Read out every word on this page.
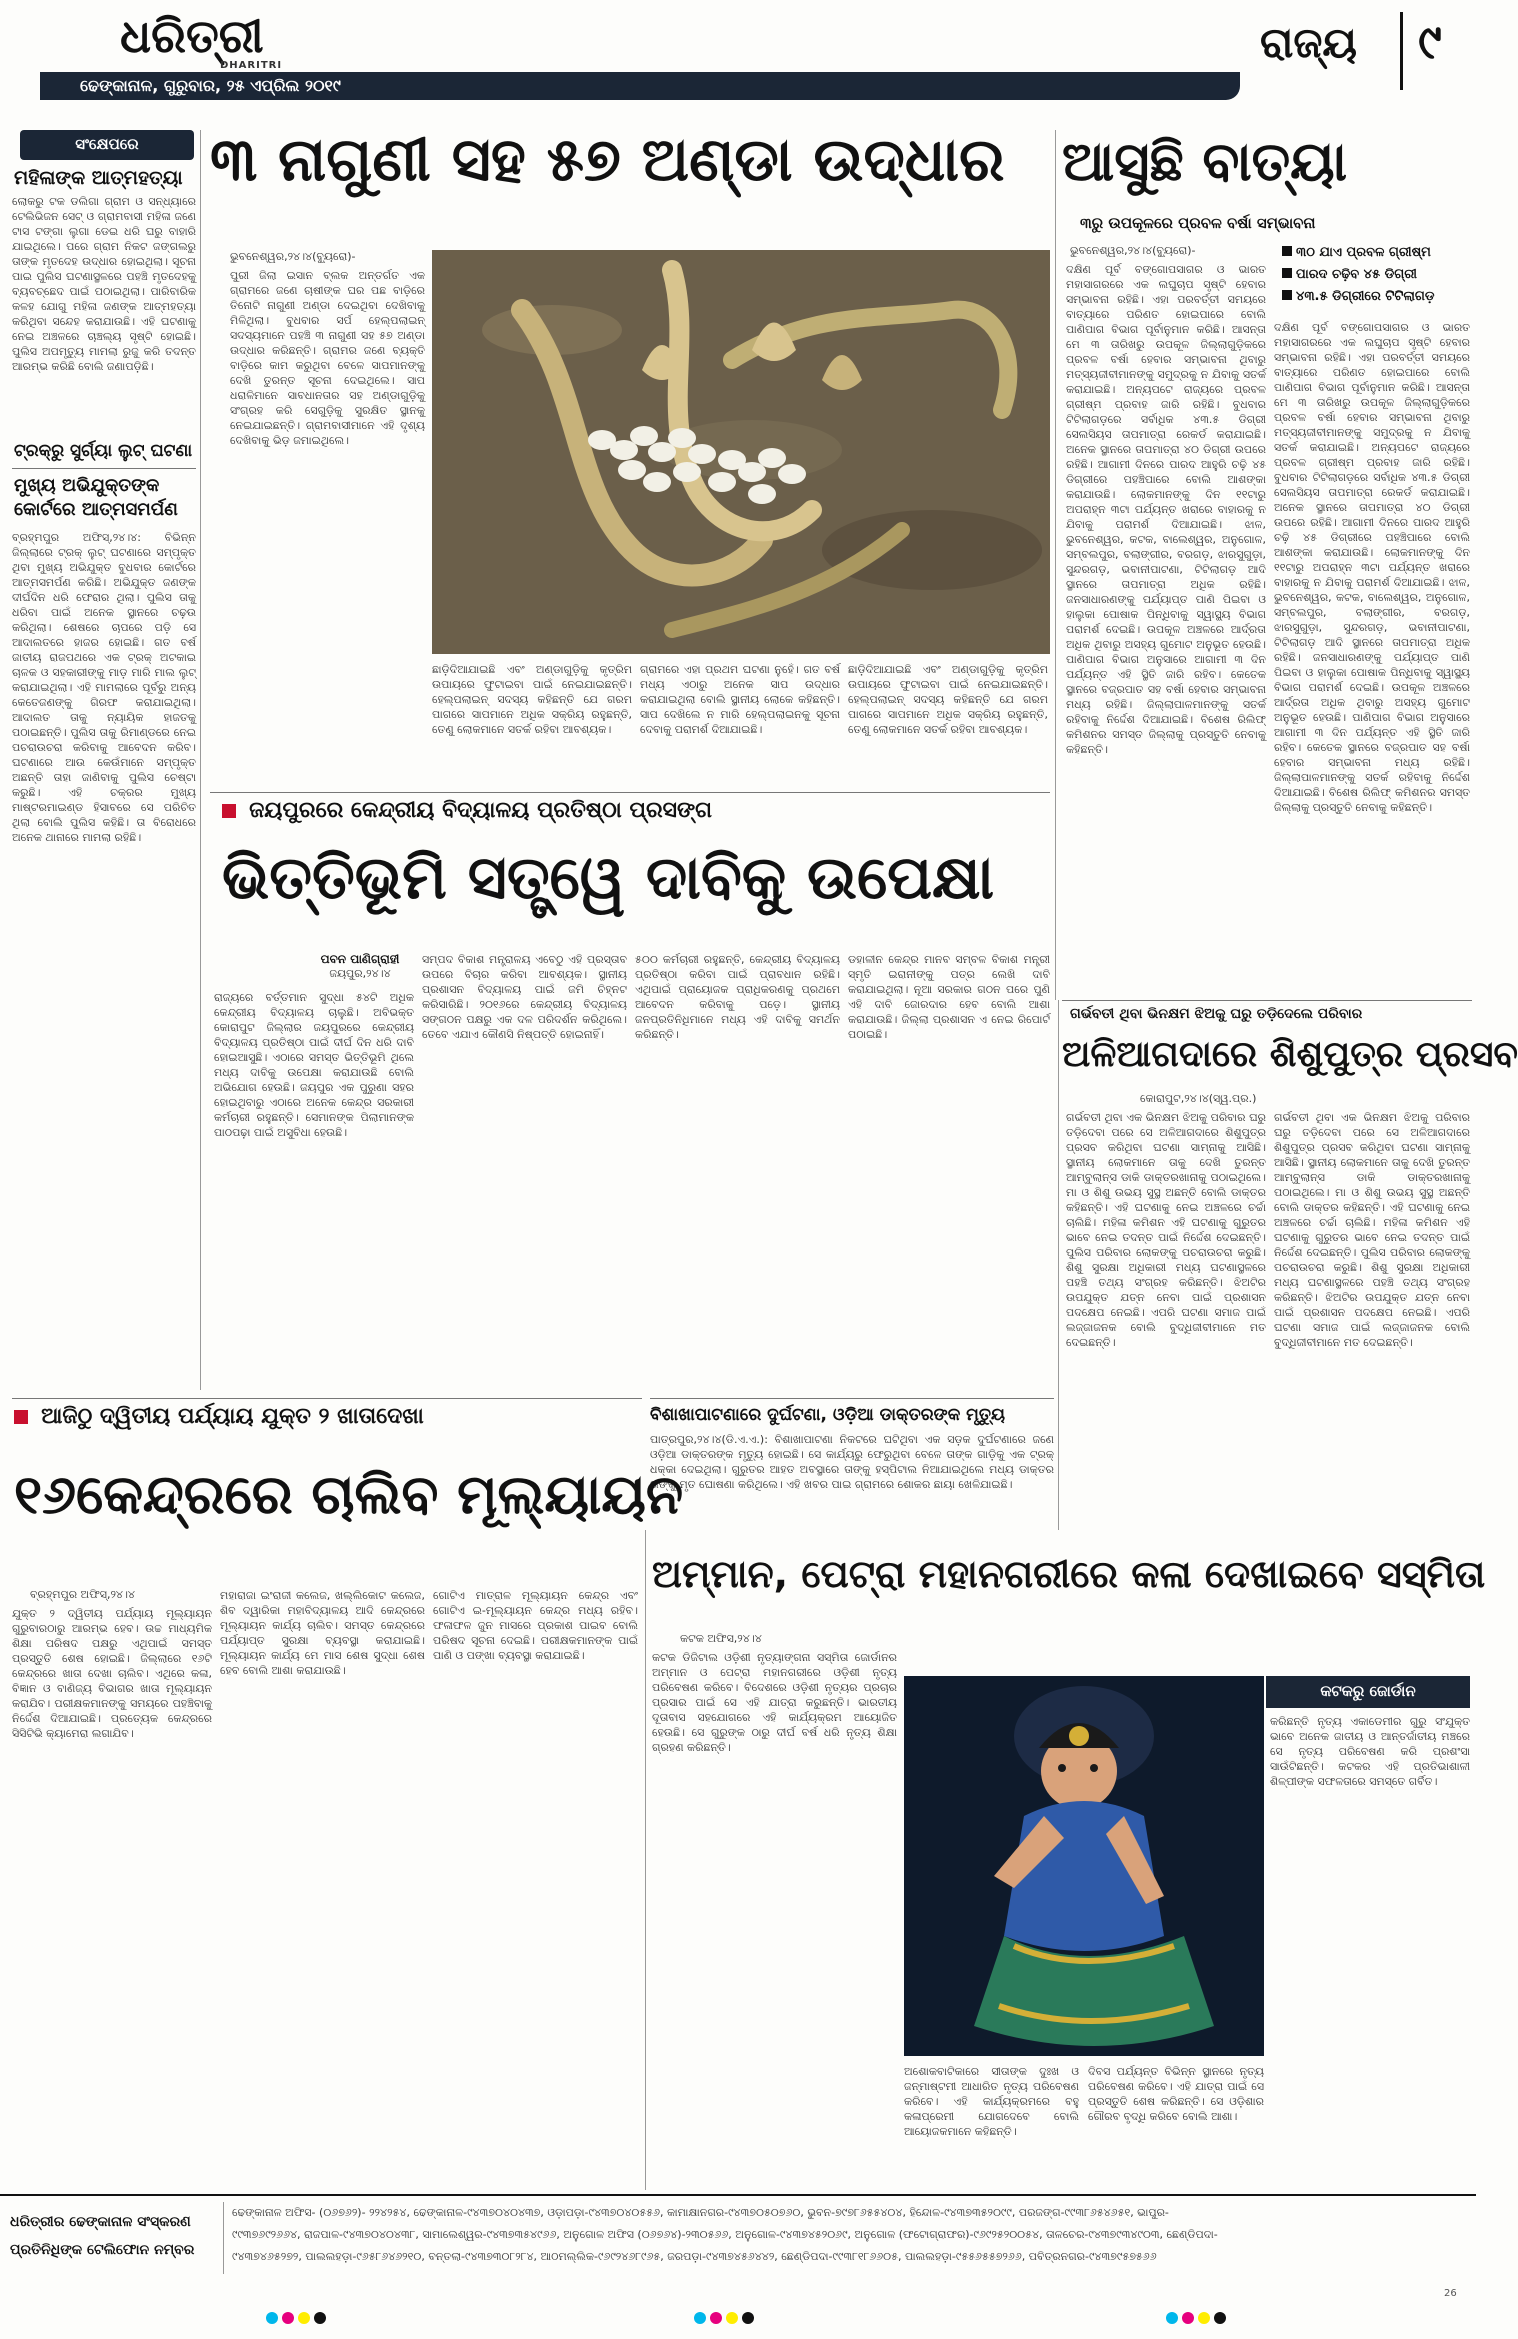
ଧରିତ୍ରୀ
DHARITRI
ଢେଙ୍କାନାଳ, ଗୁରୁବାର, ୨୫ ଏପ୍ରିଲ ୨୦୧୯
ରାଜ୍ୟ ୯
ସଂକ୍ଷେପରେ
ମହିଳାଙ୍କ ଆତ୍ମହତ୍ୟା
ଲୋକରୁ ଟକ ଡଲିଗା ଗ୍ରାମ ଓ ସନ୍ଧ୍ୟାରେ ଟେଲିଭିଜନ ସେଟ୍ ଓ ଗ୍ରାମବାସୀ ମହିଳା ଜଣେ ଟାସ ଟଙ୍ଗା ଲୁଗା ଡେଇ ଧରି ଘରୁ ବାହାରି ଯାଇଥିଲେ। ପରେ ଗ୍ରାମ ନିକଟ ଜଙ୍ଗଲରୁ ତାଙ୍କ ମୃତଦେହ ଉଦ୍ଧାର ହୋଇଥିଲା। ସୂଚନା ପାଇ ପୁଲିସ ଘଟଣାସ୍ଥଳରେ ପହଞ୍ଚି ମୃତଦେହକୁ ବ୍ୟବଚ୍ଛେଦ ପାଇଁ ପଠାଇଥିଲା। ପାରିବାରିକ କଳହ ଯୋଗୁ ମହିଳା ଜଣଙ୍କ ଆତ୍ମହତ୍ୟା କରିଥିବା ସନ୍ଦେହ କରାଯାଉଛି। ଏହି ଘଟଣାକୁ ନେଇ ଅଞ୍ଚଳରେ ଚାଞ୍ଚଲ୍ୟ ସୃଷ୍ଟି ହୋଇଛି। ପୁଲିସ ଅପମୃତ୍ୟୁ ମାମଲା ରୁଜୁ କରି ତଦନ୍ତ ଆରମ୍ଭ କରିଛି ବୋଲି ଜଣାପଡ଼ିଛି।
ଟ୍ରକ୍‌ରୁ ସୁର୍ଗ୍ୟା ଲୁଟ୍ ଘଟଣା
ମୁଖ୍ୟ ଅଭିଯୁକ୍ତଙ୍କ କୋର୍ଟରେ ଆତ୍ମସମର୍ପଣ
ବ୍ରହ୍ମପୁର ଅଫିସ୍,୨୪।୪: ବିଭିନ୍ନ ଜିଲ୍ଲାରେ ଟ୍ରକ୍ ଲୁଟ୍ ଘଟଣାରେ ସମ୍ପୃକ୍ତ ଥିବା ମୁଖ୍ୟ ଅଭିଯୁକ୍ତ ବୁଧବାର କୋର୍ଟରେ ଆତ୍ମସମର୍ପଣ କରିଛି। ଅଭିଯୁକ୍ତ ଜଣଙ୍କ ଦୀର୍ଘଦିନ ଧରି ଫେରାର ଥିଲା। ପୁଲିସ ତାକୁ ଧରିବା ପାଇଁ ଅନେକ ସ୍ଥାନରେ ଚଢ଼ଉ କରିଥିଲା। ଶେଷରେ ଚାପରେ ପଡ଼ି ସେ ଆଦାଲତରେ ହାଜର ହୋଇଛି। ଗତ ବର୍ଷ ଜାତୀୟ ରାଜପଥରେ ଏକ ଟ୍ରକ୍ ଅଟକାଇ ଚାଳକ ଓ ସହକାରୀଙ୍କୁ ମାଡ଼ ମାରି ମାଲ ଲୁଟ୍ କରାଯାଇଥିଲା। ଏହି ମାମଲାରେ ପୂର୍ବରୁ ଅନ୍ୟ କେତେଜଣଙ୍କୁ ଗିରଫ କରାଯାଇଥିଲା। ଆଦାଲତ ତାକୁ ନ୍ୟାୟିକ ହାଜତକୁ ପଠାଇଛନ୍ତି। ପୁଲିସ ତାକୁ ରିମାଣ୍ଡରେ ନେଇ ପଚରାଉଚରା କରିବାକୁ ଆବେଦନ କରିବ। ଘଟଣାରେ ଆଉ କେଉଁମାନେ ସମ୍ପୃକ୍ତ ଅଛନ୍ତି ତାହା ଜାଣିବାକୁ ପୁଲିସ ଚେଷ୍ଟା କରୁଛି। ଏହି ଚକ୍ରର ମୁଖ୍ୟ ମାଷ୍ଟରମାଇଣ୍ଡ ହିସାବରେ ସେ ପରିଚିତ ଥିଲା ବୋଲି ପୁଲିସ କହିଛି। ତା ବିରୋଧରେ ଅନେକ ଥାନାରେ ମାମଲା ରହିଛି।
୩ ନାଗୁଣୀ ସହ ୫୭ ଅଣ୍ଡା ଉଦ୍ଧାର
ଭୁବନେଶ୍ୱର,୨୪।୪(ବ୍ୟୁରୋ)-
ପୁରୀ ଜିଲା ଇସାନ ବ୍ଲକ ଅନ୍ତର୍ଗତ ଏକ ଗ୍ରାମରେ ଜଣେ ଚାଷୀଙ୍କ ଘର ପଛ ବାଡ଼ିରେ ତିନୋଟି ନାଗୁଣୀ ଅଣ୍ଡା ଦେଇଥିବା ଦେଖିବାକୁ ମିଳିଥିଲା। ବୁଧବାର ସର୍ପ ହେଲ୍ପଲାଇନ୍ ସଦସ୍ୟମାନେ ପହଞ୍ଚି ୩ ନାଗୁଣୀ ସହ ୫୭ ଅଣ୍ଡା ଉଦ୍ଧାର କରିଛନ୍ତି। ଗ୍ରାମର ଜଣେ ବ୍ୟକ୍ତି ବାଡ଼ିରେ କାମ କରୁଥିବା ବେଳେ ସାପମାନଙ୍କୁ ଦେଖି ତୁରନ୍ତ ସୂଚନା ଦେଇଥିଲେ। ସାପ ଧରାଳିମାନେ ସାବଧାନତାର ସହ ଅଣ୍ଡାଗୁଡ଼ିକୁ ସଂଗ୍ରହ କରି ସେଗୁଡ଼ିକୁ ସୁରକ୍ଷିତ ସ୍ଥାନକୁ ନେଇଯାଇଛନ୍ତି। ଗ୍ରାମବାସୀମାନେ ଏହି ଦୃଶ୍ୟ ଦେଖିବାକୁ ଭିଡ଼ ଜମାଇଥିଲେ।
ଛାଡ଼ିଦିଆଯାଇଛି ଏବଂ ଅଣ୍ଡାଗୁଡ଼ିକୁ କୃତ୍ରିମ ଉପାୟରେ ଫୁଟାଇବା ପାଇଁ ନେଇଯାଇଛନ୍ତି। ହେଲ୍ପଲାଇନ୍ ସଦସ୍ୟ କହିଛନ୍ତି ଯେ ଗରମ ପାଗରେ ସାପମାନେ ଅଧିକ ସକ୍ରିୟ ରହୁଛନ୍ତି, ତେଣୁ ଲୋକମାନେ ସତର୍କ ରହିବା ଆବଶ୍ୟକ।
ଗ୍ରାମରେ ଏହା ପ୍ରଥମ ଘଟଣା ନୁହେଁ। ଗତ ବର୍ଷ ମଧ୍ୟ ଏଠାରୁ ଅନେକ ସାପ ଉଦ୍ଧାର କରାଯାଇଥିଲା ବୋଲି ସ୍ଥାନୀୟ ଲୋକେ କହିଛନ୍ତି। ସାପ ଦେଖିଲେ ନ ମାରି ହେଲ୍ପଲାଇନକୁ ସୂଚନା ଦେବାକୁ ପରାମର୍ଶ ଦିଆଯାଇଛି।
ଛାଡ଼ିଦିଆଯାଇଛି ଏବଂ ଅଣ୍ଡାଗୁଡ଼ିକୁ କୃତ୍ରିମ ଉପାୟରେ ଫୁଟାଇବା ପାଇଁ ନେଇଯାଇଛନ୍ତି। ହେଲ୍ପଲାଇନ୍ ସଦସ୍ୟ କହିଛନ୍ତି ଯେ ଗରମ ପାଗରେ ସାପମାନେ ଅଧିକ ସକ୍ରିୟ ରହୁଛନ୍ତି, ତେଣୁ ଲୋକମାନେ ସତର୍କ ରହିବା ଆବଶ୍ୟକ।
ଆସୁଛି ବାତ୍ୟା
୩ରୁ ଉପକୂଳରେ ପ୍ରବଳ ବର୍ଷା ସମ୍ଭାବନା
୩ଠ ଯାଏ ପ୍ରବଳ ଗ୍ରୀଷ୍ମ
ପାରଦ ଚଢ଼ିବ ୪୫ ଡିଗ୍ରୀ
୪୩.୫ ଡିଗ୍ରୀରେ ଟିଟିଲାଗଡ଼
ଭୁବନେଶ୍ୱର,୨୪।୪(ବ୍ୟୁରୋ)-
ଦକ୍ଷିଣ ପୂର୍ବ ବଙ୍ଗୋପସାଗର ଓ ଭାରତ ମହାସାଗରରେ ଏକ ଲଘୁଚାପ ସୃଷ୍ଟି ହେବାର ସମ୍ଭାବନା ରହିଛି। ଏହା ପରବର୍ତ୍ତୀ ସମୟରେ ବାତ୍ୟାରେ ପରିଣତ ହୋଇପାରେ ବୋଲି ପାଣିପାଗ ବିଭାଗ ପୂର୍ବାନୁମାନ କରିଛି। ଆସନ୍ତା ମେ ୩ ତାରିଖରୁ ଉପକୂଳ ଜିଲ୍ଲାଗୁଡ଼ିକରେ ପ୍ରବଳ ବର୍ଷା ହେବାର ସମ୍ଭାବନା ଥିବାରୁ ମତ୍ସ୍ୟଜୀବୀମାନଙ୍କୁ ସମୁଦ୍ରକୁ ନ ଯିବାକୁ ସତର୍କ କରାଯାଇଛି। ଅନ୍ୟପଟେ ରାଜ୍ୟରେ ପ୍ରବଳ ଗ୍ରୀଷ୍ମ ପ୍ରବାହ ଜାରି ରହିଛି। ବୁଧବାର ଟିଟିଲାଗଡ଼ରେ ସର୍ବାଧିକ ୪୩.୫ ଡିଗ୍ରୀ ସେଲସିୟସ ତାପମାତ୍ରା ରେକର୍ଡ କରାଯାଇଛି। ଅନେକ ସ୍ଥାନରେ ତାପମାତ୍ରା ୪୦ ଡିଗ୍ରୀ ଉପରେ ରହିଛି। ଆଗାମୀ ଦିନରେ ପାରଦ ଆହୁରି ଚଢ଼ି ୪୫ ଡିଗ୍ରୀରେ ପହଞ୍ଚିପାରେ ବୋଲି ଆଶଙ୍କା କରାଯାଉଛି। ଲୋକମାନଙ୍କୁ ଦିନ ୧୧ଟାରୁ ଅପରାହ୍ନ ୩ଟା ପର୍ଯ୍ୟନ୍ତ ଖରାରେ ବାହାରକୁ ନ ଯିବାକୁ ପରାମର୍ଶ ଦିଆଯାଇଛି। ଝାଳ, ଭୁବନେଶ୍ୱର, କଟକ, ବାଲେଶ୍ୱର, ଅନୁଗୋଳ, ସମ୍ବଲପୁର, ବଲାଙ୍ଗୀର, ବରଗଡ଼, ଝାରସୁଗୁଡ଼ା, ସୁନ୍ଦରଗଡ଼, ଭବାନୀପାଟଣା, ଟିଟିଲାଗଡ଼ ଆଦି ସ୍ଥାନରେ ତାପମାତ୍ରା ଅଧିକ ରହିଛି। ଜନସାଧାରଣଙ୍କୁ ପର୍ଯ୍ୟାପ୍ତ ପାଣି ପିଇବା ଓ ହାଲୁକା ପୋଷାକ ପିନ୍ଧିବାକୁ ସ୍ୱାସ୍ଥ୍ୟ ବିଭାଗ ପରାମର୍ଶ ଦେଇଛି। ଉପକୂଳ ଅଞ୍ଚଳରେ ଆର୍ଦ୍ରତା ଅଧିକ ଥିବାରୁ ଅସହ୍ୟ ଗୁମୋଟ ଅନୁଭୂତ ହେଉଛି। ପାଣିପାଗ ବିଭାଗ ଅନୁସାରେ ଆଗାମୀ ୩ ଦିନ ପର୍ଯ୍ୟନ୍ତ ଏହି ସ୍ଥିତି ଜାରି ରହିବ। କେତେକ ସ୍ଥାନରେ ବଜ୍ରପାତ ସହ ବର୍ଷା ହେବାର ସମ୍ଭାବନା ମଧ୍ୟ ରହିଛି। ଜିଲ୍ଲାପାଳମାନଙ୍କୁ ସତର୍କ ରହିବାକୁ ନିର୍ଦ୍ଦେଶ ଦିଆଯାଇଛି। ବିଶେଷ ରିଲିଫ୍ କମିଶନର ସମସ୍ତ ଜିଲ୍ଲାକୁ ପ୍ରସ୍ତୁତି ନେବାକୁ କହିଛନ୍ତି।
ଦକ୍ଷିଣ ପୂର୍ବ ବଙ୍ଗୋପସାଗର ଓ ଭାରତ ମହାସାଗରରେ ଏକ ଲଘୁଚାପ ସୃଷ୍ଟି ହେବାର ସମ୍ଭାବନା ରହିଛି। ଏହା ପରବର୍ତ୍ତୀ ସମୟରେ ବାତ୍ୟାରେ ପରିଣତ ହୋଇପାରେ ବୋଲି ପାଣିପାଗ ବିଭାଗ ପୂର୍ବାନୁମାନ କରିଛି। ଆସନ୍ତା ମେ ୩ ତାରିଖରୁ ଉପକୂଳ ଜିଲ୍ଲାଗୁଡ଼ିକରେ ପ୍ରବଳ ବର୍ଷା ହେବାର ସମ୍ଭାବନା ଥିବାରୁ ମତ୍ସ୍ୟଜୀବୀମାନଙ୍କୁ ସମୁଦ୍ରକୁ ନ ଯିବାକୁ ସତର୍କ କରାଯାଇଛି। ଅନ୍ୟପଟେ ରାଜ୍ୟରେ ପ୍ରବଳ ଗ୍ରୀଷ୍ମ ପ୍ରବାହ ଜାରି ରହିଛି। ବୁଧବାର ଟିଟିଲାଗଡ଼ରେ ସର୍ବାଧିକ ୪୩.୫ ଡିଗ୍ରୀ ସେଲସିୟସ ତାପମାତ୍ରା ରେକର୍ଡ କରାଯାଇଛି। ଅନେକ ସ୍ଥାନରେ ତାପମାତ୍ରା ୪୦ ଡିଗ୍ରୀ ଉପରେ ରହିଛି। ଆଗାମୀ ଦିନରେ ପାରଦ ଆହୁରି ଚଢ଼ି ୪୫ ଡିଗ୍ରୀରେ ପହଞ୍ଚିପାରେ ବୋଲି ଆଶଙ୍କା କରାଯାଉଛି। ଲୋକମାନଙ୍କୁ ଦିନ ୧୧ଟାରୁ ଅପରାହ୍ନ ୩ଟା ପର୍ଯ୍ୟନ୍ତ ଖରାରେ ବାହାରକୁ ନ ଯିବାକୁ ପରାମର୍ଶ ଦିଆଯାଇଛି। ଝାଳ, ଭୁବନେଶ୍ୱର, କଟକ, ବାଲେଶ୍ୱର, ଅନୁଗୋଳ, ସମ୍ବଲପୁର, ବଲାଙ୍ଗୀର, ବରଗଡ଼, ଝାରସୁଗୁଡ଼ା, ସୁନ୍ଦରଗଡ଼, ଭବାନୀପାଟଣା, ଟିଟିଲାଗଡ଼ ଆଦି ସ୍ଥାନରେ ତାପମାତ୍ରା ଅଧିକ ରହିଛି। ଜନସାଧାରଣଙ୍କୁ ପର୍ଯ୍ୟାପ୍ତ ପାଣି ପିଇବା ଓ ହାଲୁକା ପୋଷାକ ପିନ୍ଧିବାକୁ ସ୍ୱାସ୍ଥ୍ୟ ବିଭାଗ ପରାମର୍ଶ ଦେଇଛି। ଉପକୂଳ ଅଞ୍ଚଳରେ ଆର୍ଦ୍ରତା ଅଧିକ ଥିବାରୁ ଅସହ୍ୟ ଗୁମୋଟ ଅନୁଭୂତ ହେଉଛି। ପାଣିପାଗ ବିଭାଗ ଅନୁସାରେ ଆଗାମୀ ୩ ଦିନ ପର୍ଯ୍ୟନ୍ତ ଏହି ସ୍ଥିତି ଜାରି ରହିବ। କେତେକ ସ୍ଥାନରେ ବଜ୍ରପାତ ସହ ବର୍ଷା ହେବାର ସମ୍ଭାବନା ମଧ୍ୟ ରହିଛି। ଜିଲ୍ଲାପାଳମାନଙ୍କୁ ସତର୍କ ରହିବାକୁ ନିର୍ଦ୍ଦେଶ ଦିଆଯାଇଛି। ବିଶେଷ ରିଲିଫ୍ କମିଶନର ସମସ୍ତ ଜିଲ୍ଲାକୁ ପ୍ରସ୍ତୁତି ନେବାକୁ କହିଛନ୍ତି।
ଜୟପୁରରେ କେନ୍ଦ୍ରୀୟ ବିଦ୍ୟାଳୟ ପ୍ରତିଷ୍ଠା ପ୍ରସଙ୍ଗ
ଭିତ୍ତିଭୂମି ସତ୍ତ୍ୱେ ଦାବିକୁ ଉପେକ୍ଷା
ପବନ ପାଣିଗ୍ରାହୀ
ଜୟପୁର,୨୪।୪
ରାଜ୍ୟରେ ବର୍ତ୍ତମାନ ସୁଦ୍ଧା ୫୪ଟି ଅଧିକ କେନ୍ଦ୍ରୀୟ ବିଦ୍ୟାଳୟ ଚାଲୁଛି। ଅବିଭକ୍ତ କୋରାପୁଟ ଜିଲ୍ଲାର ଜୟପୁରରେ କେନ୍ଦ୍ରୀୟ ବିଦ୍ୟାଳୟ ପ୍ରତିଷ୍ଠା ପାଇଁ ଦୀର୍ଘ ଦିନ ଧରି ଦାବି ହୋଇଆସୁଛି। ଏଠାରେ ସମସ୍ତ ଭିତ୍ତିଭୂମି ଥିଲେ ମଧ୍ୟ ଦାବିକୁ ଉପେକ୍ଷା କରାଯାଉଛି ବୋଲି ଅଭିଯୋଗ ହେଉଛି। ଜୟପୁର ଏକ ପୁରୁଣା ସହର ହୋଇଥିବାରୁ ଏଠାରେ ଅନେକ କେନ୍ଦ୍ର ସରକାରୀ କର୍ମଚାରୀ ରହୁଛନ୍ତି। ସେମାନଙ୍କ ପିଲାମାନଙ୍କ ପାଠପଢ଼ା ପାଇଁ ଅସୁବିଧା ହେଉଛି।
ସମ୍ପଦ ବିକାଶ ମନ୍ତ୍ରାଳୟ ଏବେଠୁ ଏହି ପ୍ରସ୍ତାବ ଉପରେ ବିଚାର କରିବା ଆବଶ୍ୟକ। ସ୍ଥାନୀୟ ପ୍ରଶାସନ ବିଦ୍ୟାଳୟ ପାଇଁ ଜମି ଚିହ୍ନଟ କରିସାରିଛି। ୨୦୧୬ରେ କେନ୍ଦ୍ରୀୟ ବିଦ୍ୟାଳୟ ସଙ୍ଗଠନ ପକ୍ଷରୁ ଏକ ଦଳ ପରିଦର୍ଶନ କରିଥିଲେ। ତେବେ ଏଯାଏ କୌଣସି ନିଷ୍ପତ୍ତି ହୋଇନାହିଁ।
୫୦୦ କର୍ମଚାରୀ ରହୁଛନ୍ତି, କେନ୍ଦ୍ରୀୟ ବିଦ୍ୟାଳୟ ପ୍ରତିଷ୍ଠା କରିବା ପାଇଁ ପ୍ରାବଧାନ ରହିଛି। ଏଥିପାଇଁ ପ୍ରାୟୋଜକ ପ୍ରାଧିକରଣକୁ ପ୍ରଥମେ ଆବେଦନ କରିବାକୁ ପଡ଼େ। ସ୍ଥାନୀୟ ଜନପ୍ରତିନିଧିମାନେ ମଧ୍ୟ ଏହି ଦାବିକୁ ସମର୍ଥନ କରିଛନ୍ତି।
ଡହାଳୀନ କେନ୍ଦ୍ର ମାନବ ସମ୍ବଳ ବିକାଶ ମନ୍ତ୍ରୀ ସ୍ମୃତି ଇରାନୀଙ୍କୁ ପତ୍ର ଲେଖି ଦାବି କରାଯାଇଥିଲା। ନୂଆ ସରକାର ଗଠନ ପରେ ପୁଣି ଏହି ଦାବି ଜୋରଦାର ହେବ ବୋଲି ଆଶା କରାଯାଉଛି। ଜିଲ୍ଲା ପ୍ରଶାସନ ଏ ନେଇ ରିପୋର୍ଟ ପଠାଇଛି।
ଗର୍ଭବତୀ ଥିବା ଭିନକ୍ଷମ ଝିଅକୁ ଘରୁ ତଡ଼ିଦେଲେ ପରିବାର
ଅଳିଆଗଦାରେ ଶିଶୁପୁତ୍ର ପ୍ରସବ
କୋରାପୁଟ,୨୪।୪(ସ୍ୱ.ପ୍ର.)
ଗର୍ଭବତୀ ଥିବା ଏକ ଭିନକ୍ଷମ ଝିଅକୁ ପରିବାର ଘରୁ ତଡ଼ିଦେବା ପରେ ସେ ଅଳିଆଗଦାରେ ଶିଶୁପୁତ୍ର ପ୍ରସବ କରିଥିବା ଘଟଣା ସାମ୍ନାକୁ ଆସିଛି। ସ୍ଥାନୀୟ ଲୋକମାନେ ତାକୁ ଦେଖି ତୁରନ୍ତ ଆମ୍ବୁଲାନ୍ସ ଡାକି ଡାକ୍ତରଖାନାକୁ ପଠାଇଥିଲେ। ମା ଓ ଶିଶୁ ଉଭୟ ସୁସ୍ଥ ଅଛନ୍ତି ବୋଲି ଡାକ୍ତର କହିଛନ୍ତି। ଏହି ଘଟଣାକୁ ନେଇ ଅଞ୍ଚଳରେ ଚର୍ଚ୍ଚା ଚାଲିଛି। ମହିଳା କମିଶନ ଏହି ଘଟଣାକୁ ଗୁରୁତର ଭାବେ ନେଇ ତଦନ୍ତ ପାଇଁ ନିର୍ଦ୍ଦେଶ ଦେଇଛନ୍ତି। ପୁଲିସ ପରିବାର ଲୋକଙ୍କୁ ପଚରାଉଚରା କରୁଛି। ଶିଶୁ ସୁରକ୍ଷା ଅଧିକାରୀ ମଧ୍ୟ ଘଟଣାସ୍ଥଳରେ ପହଞ୍ଚି ତଥ୍ୟ ସଂଗ୍ରହ କରିଛନ୍ତି। ଝିଅଟିର ଉପଯୁକ୍ତ ଯତ୍ନ ନେବା ପାଇଁ ପ୍ରଶାସନ ପଦକ୍ଷେପ ନେଇଛି। ଏପରି ଘଟଣା ସମାଜ ପାଇଁ ଲଜ୍ଜାଜନକ ବୋଲି ବୁଦ୍ଧିଜୀବୀମାନେ ମତ ଦେଇଛନ୍ତି।
ଗର୍ଭବତୀ ଥିବା ଏକ ଭିନକ୍ଷମ ଝିଅକୁ ପରିବାର ଘରୁ ତଡ଼ିଦେବା ପରେ ସେ ଅଳିଆଗଦାରେ ଶିଶୁପୁତ୍ର ପ୍ରସବ କରିଥିବା ଘଟଣା ସାମ୍ନାକୁ ଆସିଛି। ସ୍ଥାନୀୟ ଲୋକମାନେ ତାକୁ ଦେଖି ତୁରନ୍ତ ଆମ୍ବୁଲାନ୍ସ ଡାକି ଡାକ୍ତରଖାନାକୁ ପଠାଇଥିଲେ। ମା ଓ ଶିଶୁ ଉଭୟ ସୁସ୍ଥ ଅଛନ୍ତି ବୋଲି ଡାକ୍ତର କହିଛନ୍ତି। ଏହି ଘଟଣାକୁ ନେଇ ଅଞ୍ଚଳରେ ଚର୍ଚ୍ଚା ଚାଲିଛି। ମହିଳା କମିଶନ ଏହି ଘଟଣାକୁ ଗୁରୁତର ଭାବେ ନେଇ ତଦନ୍ତ ପାଇଁ ନିର୍ଦ୍ଦେଶ ଦେଇଛନ୍ତି। ପୁଲିସ ପରିବାର ଲୋକଙ୍କୁ ପଚରାଉଚରା କରୁଛି। ଶିଶୁ ସୁରକ୍ଷା ଅଧିକାରୀ ମଧ୍ୟ ଘଟଣାସ୍ଥଳରେ ପହଞ୍ଚି ତଥ୍ୟ ସଂଗ୍ରହ କରିଛନ୍ତି। ଝିଅଟିର ଉପଯୁକ୍ତ ଯତ୍ନ ନେବା ପାଇଁ ପ୍ରଶାସନ ପଦକ୍ଷେପ ନେଇଛି। ଏପରି ଘଟଣା ସମାଜ ପାଇଁ ଲଜ୍ଜାଜନକ ବୋଲି ବୁଦ୍ଧିଜୀବୀମାନେ ମତ ଦେଇଛନ୍ତି।
ବିଶାଖାପାଟଣାରେ ଦୁର୍ଘଟଣା, ଓଡ଼ିଆ ଡାକ୍ତରଙ୍କ ମୃତ୍ୟୁ
ପାତ୍ରପୁର,୨୪।୪(ଡି.ଏ.ଏ.): ବିଶାଖାପାଟଣା ନିକଟରେ ଘଟିଥିବା ଏକ ସଡ଼କ ଦୁର୍ଘଟଣାରେ ଜଣେ ଓଡ଼ିଆ ଡାକ୍ତରଙ୍କ ମୃତ୍ୟୁ ହୋଇଛି। ସେ କାର୍ଯ୍ୟରୁ ଫେରୁଥିବା ବେଳେ ତାଙ୍କ ଗାଡ଼ିକୁ ଏକ ଟ୍ରକ୍ ଧକ୍କା ଦେଇଥିଲା। ଗୁରୁତର ଆହତ ଅବସ୍ଥାରେ ତାଙ୍କୁ ହସ୍ପିଟାଲ ନିଆଯାଇଥିଲେ ମଧ୍ୟ ଡାକ୍ତର ତାଙ୍କୁ ମୃତ ଘୋଷଣା କରିଥିଲେ। ଏହି ଖବର ପାଇ ଗ୍ରାମରେ ଶୋକର ଛାୟା ଖେଳିଯାଇଛି।
ଆଜିଠୁ ଦ୍ୱିତୀୟ ପର୍ଯ୍ୟାୟ ଯୁକ୍ତ ୨ ଖାତାଦେଖା
୧୬କେନ୍ଦ୍ରରେ ଚାଲିବ ମୂଲ୍ୟାୟନ
ବ୍ରହ୍ମପୁର ଅଫିସ୍,୨୪।୪
ଯୁକ୍ତ ୨ ଦ୍ୱିତୀୟ ପର୍ଯ୍ୟାୟ ମୂଲ୍ୟାୟନ ଗୁରୁବାରଠାରୁ ଆରମ୍ଭ ହେବ। ଉଚ୍ଚ ମାଧ୍ୟମିକ ଶିକ୍ଷା ପରିଷଦ ପକ୍ଷରୁ ଏଥିପାଇଁ ସମସ୍ତ ପ୍ରସ୍ତୁତି ଶେଷ ହୋଇଛି। ଜିଲ୍ଲାରେ ୧୬ଟି କେନ୍ଦ୍ରରେ ଖାତା ଦେଖା ଚାଲିବ। ଏଥିରେ କଳା, ବିଜ୍ଞାନ ଓ ବାଣିଜ୍ୟ ବିଭାଗର ଖାତା ମୂଲ୍ୟାୟନ କରାଯିବ। ପରୀକ୍ଷକମାନଙ୍କୁ ସମୟରେ ପହଞ୍ଚିବାକୁ ନିର୍ଦ୍ଦେଶ ଦିଆଯାଇଛି। ପ୍ରତ୍ୟେକ କେନ୍ଦ୍ରରେ ସିସିଟିଭି କ୍ୟାମେରା ଲଗାଯିବ।
ମହାରାଜା ଇଂରାଜୀ କଲେଜ, ଖଲ୍ଲିକୋଟ କଲେଜ, ଶିବ ଦ୍ୱାରିକା ମହାବିଦ୍ୟାଳୟ ଆଦି କେନ୍ଦ୍ରରେ ମୂଲ୍ୟାୟନ କାର୍ଯ୍ୟ ଚାଲିବ। ସମସ୍ତ କେନ୍ଦ୍ରରେ ପର୍ଯ୍ୟାପ୍ତ ସୁରକ୍ଷା ବ୍ୟବସ୍ଥା କରାଯାଇଛି। ମୂଲ୍ୟାୟନ କାର୍ଯ୍ୟ ମେ ମାସ ଶେଷ ସୁଦ୍ଧା ଶେଷ ହେବ ବୋଲି ଆଶା କରାଯାଉଛି।
ଗୋଟିଏ ମାତ୍ରାଳ ମୂଲ୍ୟାୟନ କେନ୍ଦ୍ର ଏବଂ ଗୋଟିଏ ଇ-ମୂଲ୍ୟାୟନ କେନ୍ଦ୍ର ମଧ୍ୟ ରହିବ। ଫଳାଫଳ ଜୁନ ମାସରେ ପ୍ରକାଶ ପାଇବ ବୋଲି ପରିଷଦ ସୂଚନା ଦେଇଛି। ପରୀକ୍ଷକମାନଙ୍କ ପାଇଁ ପାଣି ଓ ପଙ୍ଖା ବ୍ୟବସ୍ଥା କରାଯାଇଛି।
ଅମ୍ମାନ, ପେଟ୍ରା ମହାନଗରୀରେ କଳା ଦେଖାଇବେ ସସ୍ମିତା
କଟକ ଅଫିସ,୨୪।୪
କଟକ ଡିଜିଟାଲ ଓଡ଼ିଶୀ ନୃତ୍ୟାଙ୍ଗନା ସସ୍ମିତା ଜୋର୍ଡାନର ଅମ୍ମାନ ଓ ପେଟ୍ରା ମହାନଗରୀରେ ଓଡ଼ିଶୀ ନୃତ୍ୟ ପରିବେଷଣ କରିବେ। ବିଦେଶରେ ଓଡ଼ିଶୀ ନୃତ୍ୟର ପ୍ରଚାର ପ୍ରସାର ପାଇଁ ସେ ଏହି ଯାତ୍ରା କରୁଛନ୍ତି। ଭାରତୀୟ ଦୂତାବାସ ସହଯୋଗରେ ଏହି କାର୍ଯ୍ୟକ୍ରମ ଆୟୋଜିତ ହେଉଛି। ସେ ଗୁରୁଙ୍କ ଠାରୁ ଦୀର୍ଘ ବର୍ଷ ଧରି ନୃତ୍ୟ ଶିକ୍ଷା ଗ୍ରହଣ କରିଛନ୍ତି।
କଟକରୁ ଜୋର୍ଡାନ
କରିଛନ୍ତି ନୃତ୍ୟ ଏକାଡେମୀର ଗୁରୁ ସଂଯୁକ୍ତ ଭାବେ ଅନେକ ଜାତୀୟ ଓ ଆନ୍ତର୍ଜାତୀୟ ମଞ୍ଚରେ ସେ ନୃତ୍ୟ ପରିବେଷଣ କରି ପ୍ରଶଂସା ସାଉଁଟିଛନ୍ତି। କଟକର ଏହି ପ୍ରତିଭାଶାଳୀ ଶିଳ୍ପୀଙ୍କ ସଫଳତାରେ ସମସ୍ତେ ଗର୍ବିତ।
ଅଶୋକବାଟିକାରେ ସୀତାଙ୍କ ଦୁଃଖ ଓ ଜନ୍ମାଷ୍ଟମୀ ଆଧାରିତ ନୃତ୍ୟ ପରିବେଷଣ କରିବେ। ଏହି କାର୍ଯ୍ୟକ୍ରମରେ ବହୁ କଳାପ୍ରେମୀ ଯୋଗଦେବେ ବୋଲି ଆୟୋଜକମାନେ କହିଛନ୍ତି।
ଦିବସ ପର୍ଯ୍ୟନ୍ତ ବିଭିନ୍ନ ସ୍ଥାନରେ ନୃତ୍ୟ ପରିବେଷଣ କରିବେ। ଏହି ଯାତ୍ରା ପାଇଁ ସେ ପ୍ରସ୍ତୁତି ଶେଷ କରିଛନ୍ତି। ସେ ଓଡ଼ିଶାର ଗୌରବ ବୃଦ୍ଧି କରିବେ ବୋଲି ଆଶା।
ଧରିତ୍ରୀର ଢେଙ୍କାନାଳ ସଂସ୍କରଣ ପ୍ରତିନିଧିଙ୍କ ଟେଲିଫୋନ ନମ୍ବର
ଢେଙ୍କାନାଳ ଅଫିସ- (୦୬୭୬୨)- ୨୨୪୨୫୪, ଢେଙ୍କାନାଳ-୯୪୩୭୦୪୦୪୩୭, ଓଡ଼ାପଡ଼ା-୯୪୩୭୦୪୦୫୫୬, କାମାକ୍ଷାନଗର-୯୪୩୭୦୫୦୭୬୦, ଭୁବନ-୭୯୭୮୬୫୫୪୦୪, ହିନ୍ଦୋଳ-୯୪୩୭୩୫୨୦୯୯, ପରଜଙ୍ଗ-୯୯୩୮୬୫୪୬୫୧, ଭାପୁର-
୯୯୩୭୬୯୨୬୬୪, ରାଜପାଳ-୯୪୩୭୦୪୦୪୩୮, ସାମାଲେଶ୍ୱର-୯୪୩୭୩୫୪୯୬୬, ଅନୁଗୋଳ ଅଫିସ (୦୬୭୬୪)-୨୩୦୫୬୬, ଅନୁଗୋଳ-୯୪୩୭୪୫୨୦୬୯, ଅନୁଗୋଳ (ଫଟୋଗ୍ରାଫର)-୯୬୯୨୫୨୦୦୫୪, ତାଳଚେର-୯୪୩୭୯୩୪୯୦୩, ଛେଣ୍ଡିପଦା-
୯୪୩୭୪୬୫୨୭୨, ପାଲଲହଡ଼ା-୯୬୫୮୬୪୬୨୧୦, ବନ୍ତଲା-୯୪୩୭୩୦୮୨୮୪, ଆଠମଲ୍ଲିକ-୯୬୯୨୪୬୮୯୬୫, ଜରପଡ଼ା-୯୪୩୭୪୫୬୪୪୨, ଛେଣ୍ଡିପଦା-୯୯୩୮୧୮୬୬୦୫, ପାଲଲହଡ଼ା-୯୫୫୬୫୫୭୨୬୬, ପବିତ୍ରନଗର-୯୪୩୭୯୫୭୫୬୬
26
